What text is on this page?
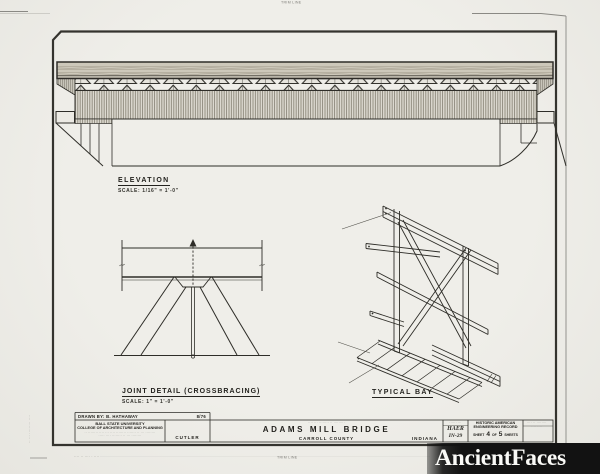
TRIM LINE
TRIM LINE
···· ·· ···· · ····
·· ··· ········· ····
ELEVATION
SCALE: 1/16" = 1'-0"
JOINT DETAIL (CROSSBRACING)
SCALE: 1" = 1'-0"
TYPICAL BAY
DRAWN BY: B. HATHAWAY	8/76
BALL STATE UNIVERSITY
COLLEGE OF ARCHITECTURE AND PLANNING
·· ········ ···· ··· ···· ········ ······· ·· ··· ········
····· ···· ········ ·· ··· ········	CUTLER
···· ··· ········ ·· ·········
ADAMS MILL BRIDGE
CARROLL COUNTY	INDIANA
······ ···
HAER
IN-29
HISTORIC AMERICAN
ENGINEERING RECORD
SHEET 4 OF 5 SHEETS
···· ·· ········
···· ····
AncientFaces
